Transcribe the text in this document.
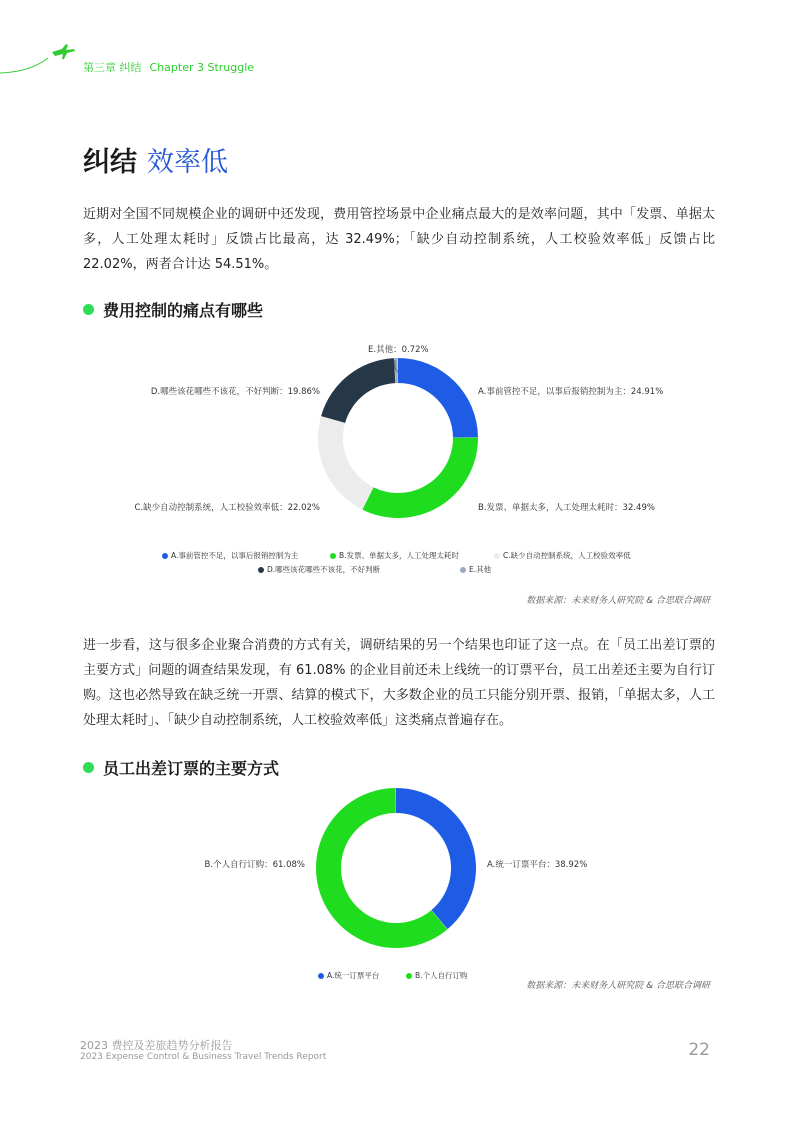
第三章 纠结 Chapter 3 Struggle
纠结 效率低
近期对全国不同规模企业的调研中还发现，费用管控场景中企业痛点最大的是效率问题，其中「发票、单据太多，人工处理太耗时」反馈占比最高，达 32.49%；「缺少自动控制系统，人工校验效率低」反馈占比 22.02%，两者合计达 54.51%。
费用控制的痛点有哪些
A.事前管控不足，以事后报销控制为主：24.91%
B.发票、单据太多，人工处理太耗时：32.49%
C.缺少自动控制系统，人工校验效率低：22.02%
D.哪些该花哪些不该花，不好判断：19.86%
E.其他：0.72%
A.事前管控不足，以事后报销控制为主	B.发票、单据太多，人工处理太耗时	C.缺少自动控制系统，人工校验效率低
D.哪些该花哪些不该花，不好判断	E.其他
数据来源：未来财务人研究院 & 合思联合调研
进一步看，这与很多企业聚合消费的方式有关，调研结果的另一个结果也印证了这一点。在「员工出差订票的主要方式」问题的调查结果发现，有 61.08% 的企业目前还未上线统一的订票平台，员工出差还主要为自行订购。这也必然导致在缺乏统一开票、结算的模式下，大多数企业的员工只能分别开票、报销，「单据太多，人工处理太耗时」、「缺少自动控制系统，人工校验效率低」这类痛点普遍存在。
员工出差订票的主要方式
A.统一订票平台：38.92%
B.个人自行订购：61.08%
A.统一订票平台	B.个人自行订购
数据来源：未来财务人研究院 & 合思联合调研
2023 费控及差旅趋势分析报告
2023 Expense Control & Business Travel Trends Report	22
